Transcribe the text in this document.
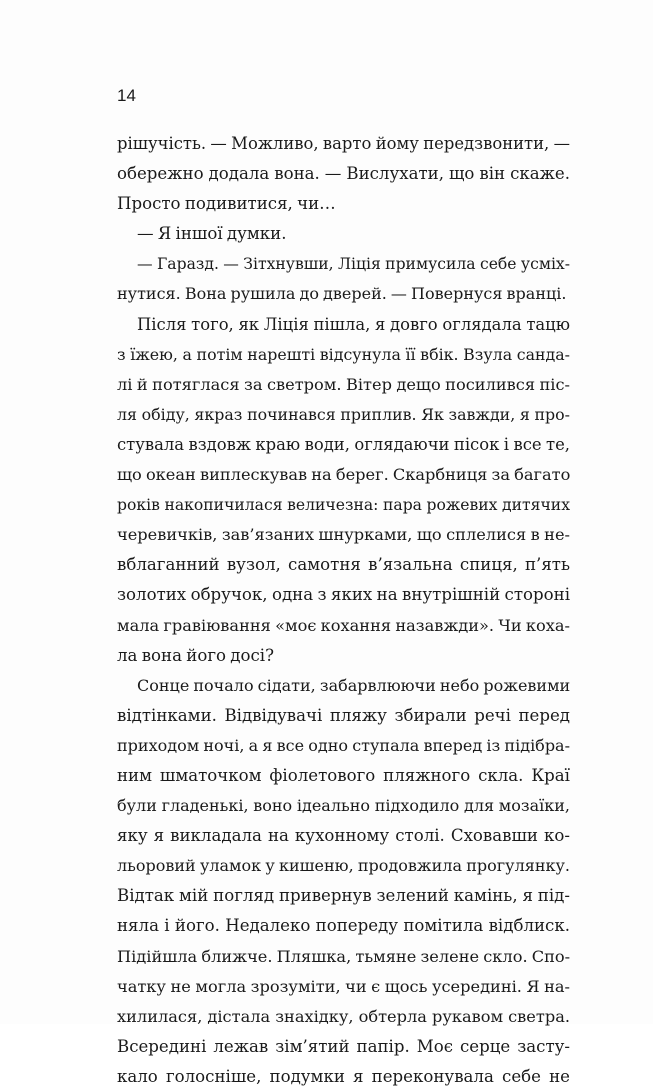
14
рішучість. — Можливо, варто йому передзвонити, —
обережно додала вона. — Вислухати, що він скаже.
Просто подивитися, чи…
— Я іншої думки.
— Гаразд. — Зітхнувши, Ліція примусила себе усміх-
нутися. Вона рушила до дверей. — Повернуся вранці.
Після того, як Ліція пішла, я довго оглядала тацю
з їжею, а потім нарешті відсунула її вбік. Взула санда-
лі й потяглася за светром. Вітер дещо посилився піс-
ля обіду, якраз починався приплив. Як завжди, я про-
стувала вздовж краю води, оглядаючи пісок і все те,
що океан виплескував на берег. Скарбниця за багато
років накопичилася величезна: пара рожевих дитячих
черевичків, зав’язаних шнурками, що сплелися в не-
вблаганний вузол, самотня в’язальна спиця, п’ять
золотих обручок, одна з яких на внутрішній стороні
мала гравіювання «моє кохання назавжди». Чи коха-
ла вона його досі?
Сонце почало сідати, забарвлюючи небо рожевими
відтінками. Відвідувачі пляжу збирали речі перед
приходом ночі, а я все одно ступала вперед із підібра-
ним шматочком фіолетового пляжного скла. Краї
були гладенькі, воно ідеально підходило для мозаїки,
яку я викладала на кухонному столі. Сховавши ко-
льоровий уламок у кишеню, продовжила прогулянку.
Відтак мій погляд привернув зелений камінь, я під-
няла і його. Недалеко попереду помітила відблиск.
Підійшла ближче. Пляшка, тьмяне зелене скло. Спо-
чатку не могла зрозуміти, чи є щось усередині. Я на-
хилилася, дістала знахідку, обтерла рукавом светра.
Всередині лежав зім’ятий папір. Моє серце засту-
кало голосніше, подумки я переконувала себе не
